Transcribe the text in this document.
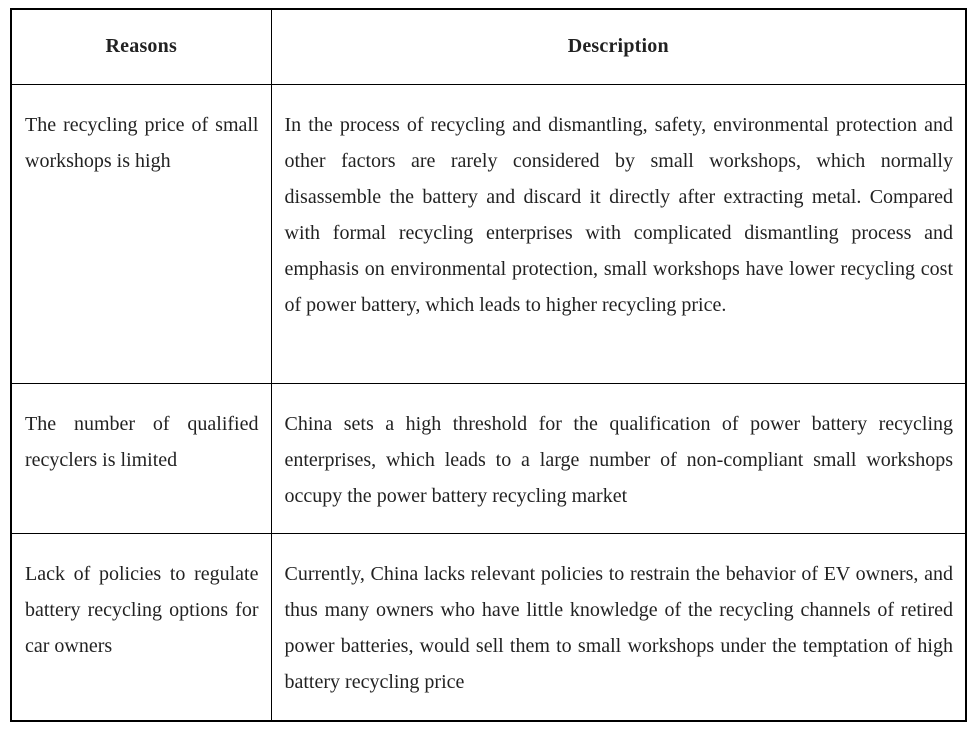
Reasons	Description
The recycling price of small workshops is high	In the process of recycling and dismantling, safety, environmental protection and other factors are rarely considered by small workshops, which normally disassemble the battery and discard it directly after extracting metal. Compared with formal recycling enterprises with complicated dismantling process and emphasis on environmental protection, small workshops have lower recycling cost of power battery, which leads to higher recycling price.
The number of qualified recyclers is limited	China sets a high threshold for the qualification of power battery recycling enterprises, which leads to a large number of non-compliant small workshops occupy the power battery recycling market
Lack of policies to regulate battery recycling options for car owners	Currently, China lacks relevant policies to restrain the behavior of EV owners, and thus many owners who have little knowledge of the recycling channels of retired power batteries, would sell them to small workshops under the temptation of high battery recycling price
